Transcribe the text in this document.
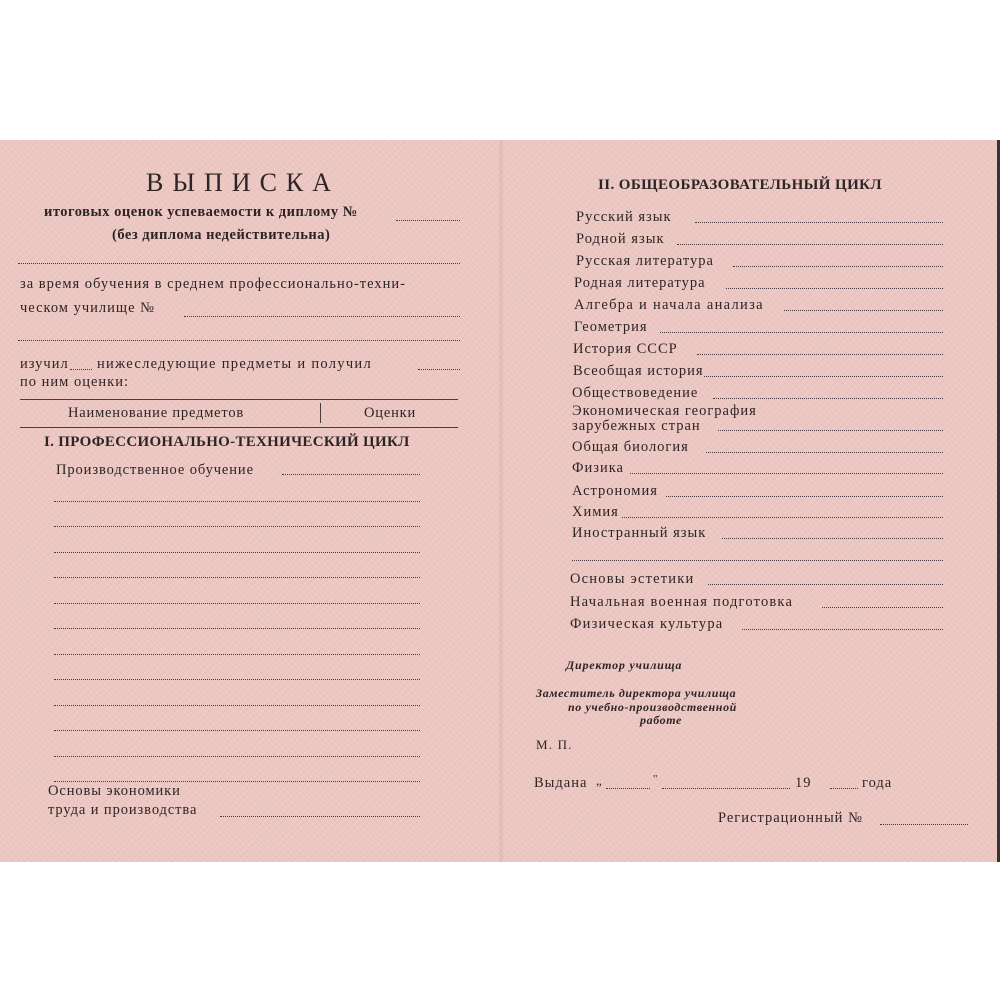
ВЫПИСКА
итоговых оценок успеваемости к диплому №
(без диплома недействительна)
за время обучения в среднем профессионально-техни-
ческом училище №
изучил нижеследующие предметы и получил
по ним оценки:
Наименование предметов	Оценки
I. ПРОФЕССИОНАЛЬНО-ТЕХНИЧЕСКИЙ ЦИКЛ
Производственное обучение
Основы экономики
труда и производства
II. ОБЩЕОБРАЗОВАТЕЛЬНЫЙ ЦИКЛ
Русский язык
Родной язык
Русская литература
Родная литература
Алгебра и начала анализа
Геометрия
История СССР
Всеобщая история
Обществоведение
Экономическая география
зарубежных стран
Общая биология
Физика
Астрономия
Химия
Иностранный язык
Основы эстетики
Начальная военная подготовка
Физическая культура
Директор училища
Заместитель директора училища
по учебно-производственной
работе
М. П.
Выдана „	"	19	года
Регистрационный №
